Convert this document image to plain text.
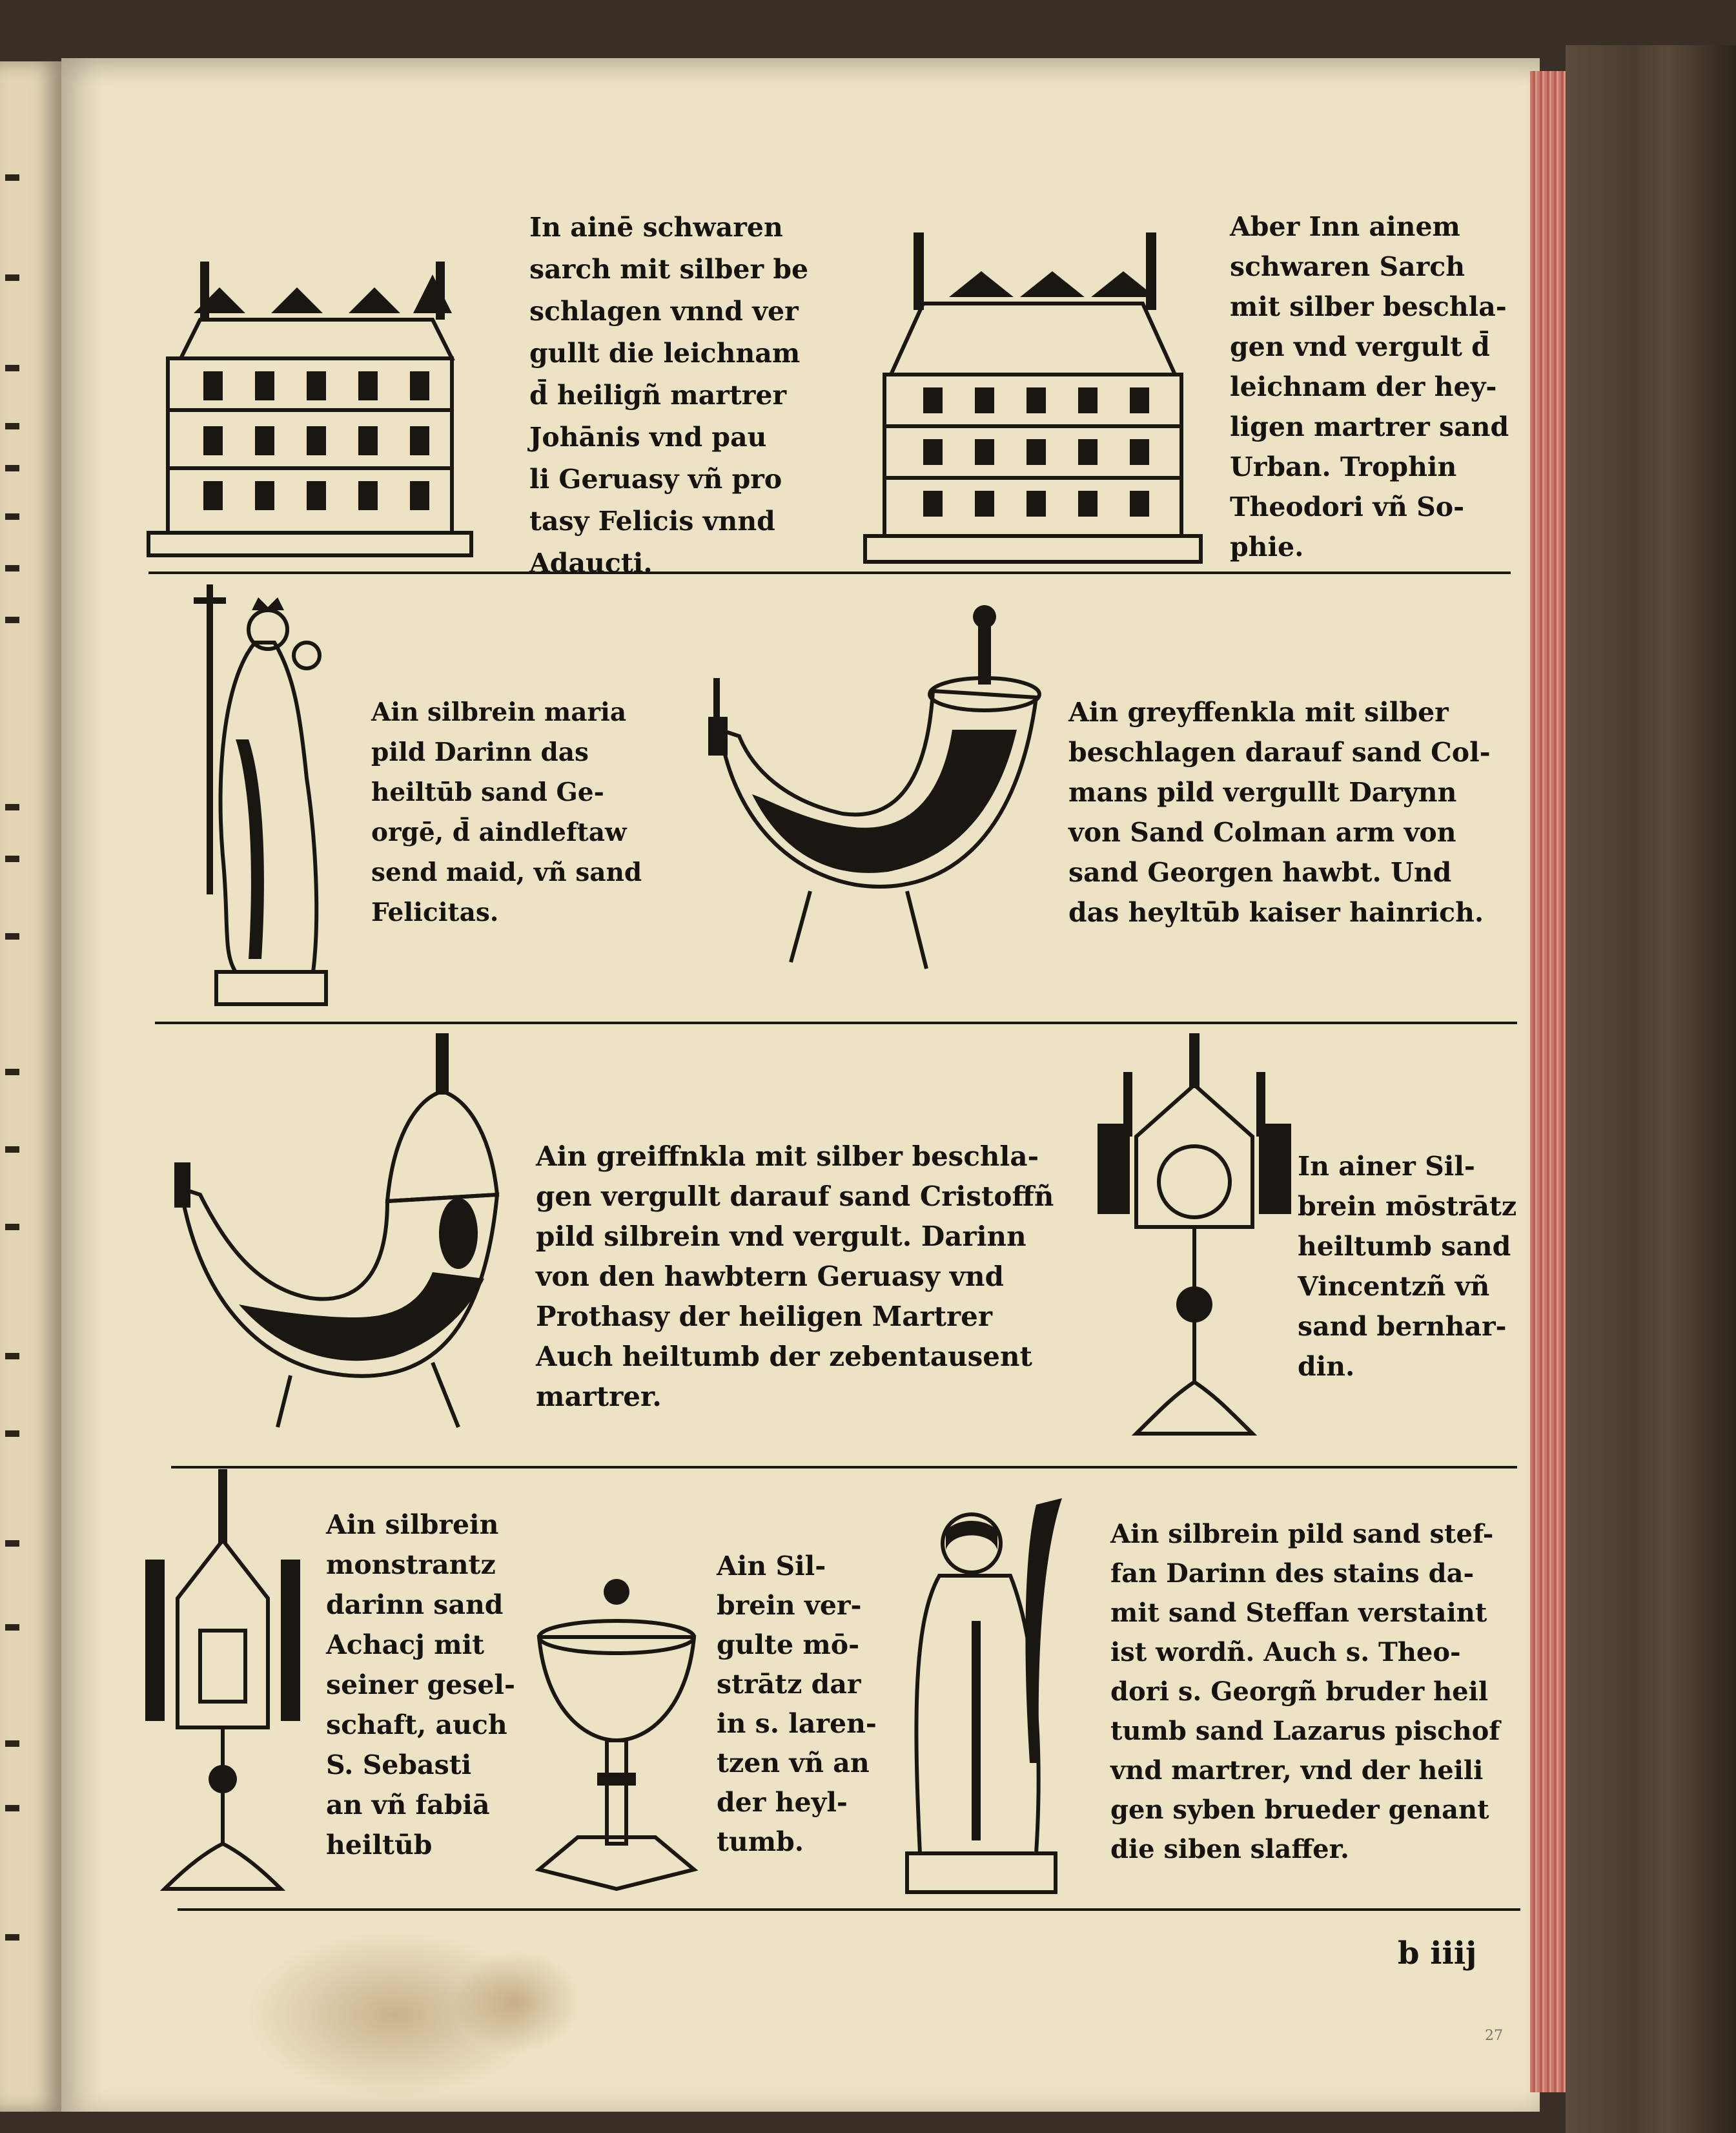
In ainē schwaren
sarch mit silber be
schlagen vnnd ver
gullt die leichnam
d̄ heiligñ martrer
Johānis vnd pau
li Geruasy vñ pro
tasy Felicis vnnd
Adaucti.
Aber Inn ainem
schwaren Sarch
mit silber beschla-
gen vnd vergult d̄
leichnam der hey-
ligen martrer sand
Urban. Trophin
Theodori vñ So-
phie.
Ain silbrein maria
pild Darinn das
heiltūb sand Ge-
orgē, d̄ aindleftaw
send maid, vñ sand
Felicitas.
Ain greyffenkla mit silber
beschlagen darauf sand Col-
mans pild vergullt Darynn
von Sand Colman arm von
sand Georgen hawbt. Und
das heyltūb kaiser hainrich.
Ain greiffnkla mit silber beschla-
gen vergullt darauf sand Cristoffñ
pild silbrein vnd vergult. Darinn
von den hawbtern Geruasy vnd
Prothasy der heiligen Martrer
Auch heiltumb der zebentausent
martrer.
In ainer Sil-
brein mōstrātz
heiltumb sand
Vincentzñ vñ
sand bernhar-
din.
Ain silbrein
monstrantz
darinn sand
Achacj mit
seiner gesel-
schaft, auch
S. Sebasti
an vñ fabiā
heiltūb
Ain Sil-
brein ver-
gulte mō-
strātz dar
in s. laren-
tzen vñ an
der heyl-
tumb.
Ain silbrein pild sand stef-
fan Darinn des stains da-
mit sand Steffan verstaint
ist wordñ. Auch s. Theo-
dori s. Georgñ bruder heil
tumb sand Lazarus pischof
vnd martrer, vnd der heili
gen syben brueder genant
die siben slaffer.
b iiij
27
